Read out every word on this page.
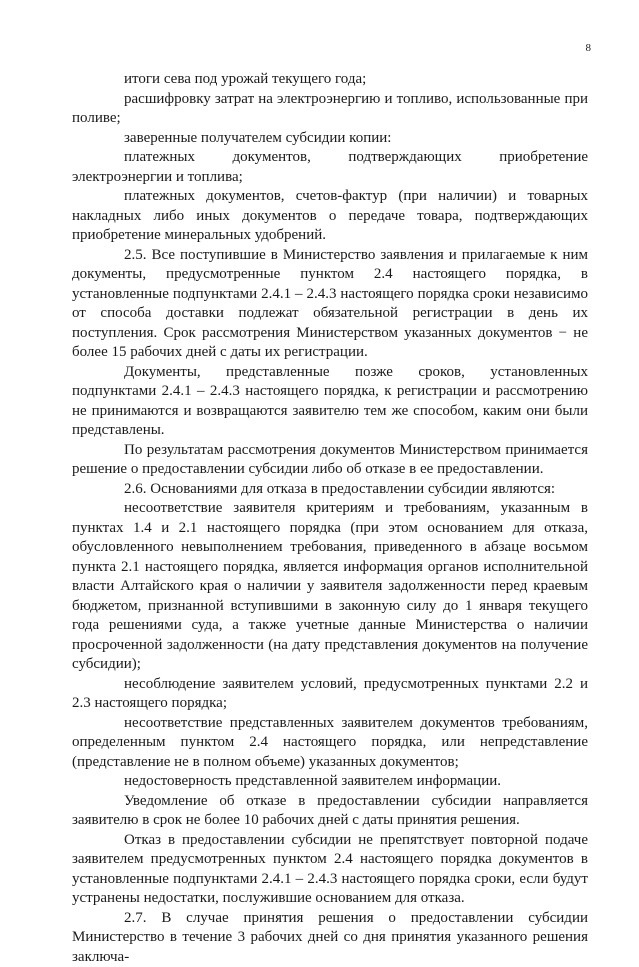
8

итоги сева под урожай текущего года;

расшифровку затрат на электроэнергию и топливо, использованные при поливе;

заверенные получателем субсидии копии:

платежных документов, подтверждающих приобретение электроэнергии и топлива;

платежных документов, счетов-фактур (при наличии) и товарных накладных либо иных документов о передаче товара, подтверждающих приобретение минеральных удобрений.

2.5. Все поступившие в Министерство заявления и прилагаемые к ним документы, предусмотренные пунктом 2.4 настоящего порядка, в установленные подпунктами 2.4.1 – 2.4.3 настоящего порядка сроки независимо от способа доставки подлежат обязательной регистрации в день их поступления. Срок рассмотрения Министерством указанных документов − не более 15 рабочих дней с даты их регистрации.

Документы, представленные позже сроков, установленных подпунктами 2.4.1 – 2.4.3 настоящего порядка, к регистрации и рассмотрению не принимаются и возвращаются заявителю тем же способом, каким они были представлены.

По результатам рассмотрения документов Министерством принимается решение о предоставлении субсидии либо об отказе в ее предоставлении.

2.6. Основаниями для отказа в предоставлении субсидии являются:

несоответствие заявителя критериям и требованиям, указанным в пунктах 1.4 и 2.1 настоящего порядка (при этом основанием для отказа, обусловленного невыполнением требования, приведенного в абзаце восьмом пункта 2.1 настоящего порядка, является информация органов исполнительной власти Алтайского края о наличии у заявителя задолженности перед краевым бюджетом, признанной вступившими в законную силу до 1 января текущего года решениями суда, а также учетные данные Министерства о наличии просроченной задолженности (на дату представления документов на получение субсидии);

несоблюдение заявителем условий, предусмотренных пунктами 2.2 и 2.3 настоящего порядка;

несоответствие представленных заявителем документов требованиям, определенным пунктом 2.4 настоящего порядка, или непредставление (представление не в полном объеме) указанных документов;

недостоверность представленной заявителем информации.

Уведомление об отказе в предоставлении субсидии направляется заявителю в срок не более 10 рабочих дней с даты принятия решения.

Отказ в предоставлении субсидии не препятствует повторной подаче заявителем предусмотренных пунктом 2.4 настоящего порядка документов в установленные подпунктами 2.4.1 – 2.4.3 настоящего порядка сроки, если будут устранены недостатки, послужившие основанием для отказа.

2.7. В случае принятия решения о предоставлении субсидии Министерство в течение 3 рабочих дней со дня принятия указанного решения заключа-
